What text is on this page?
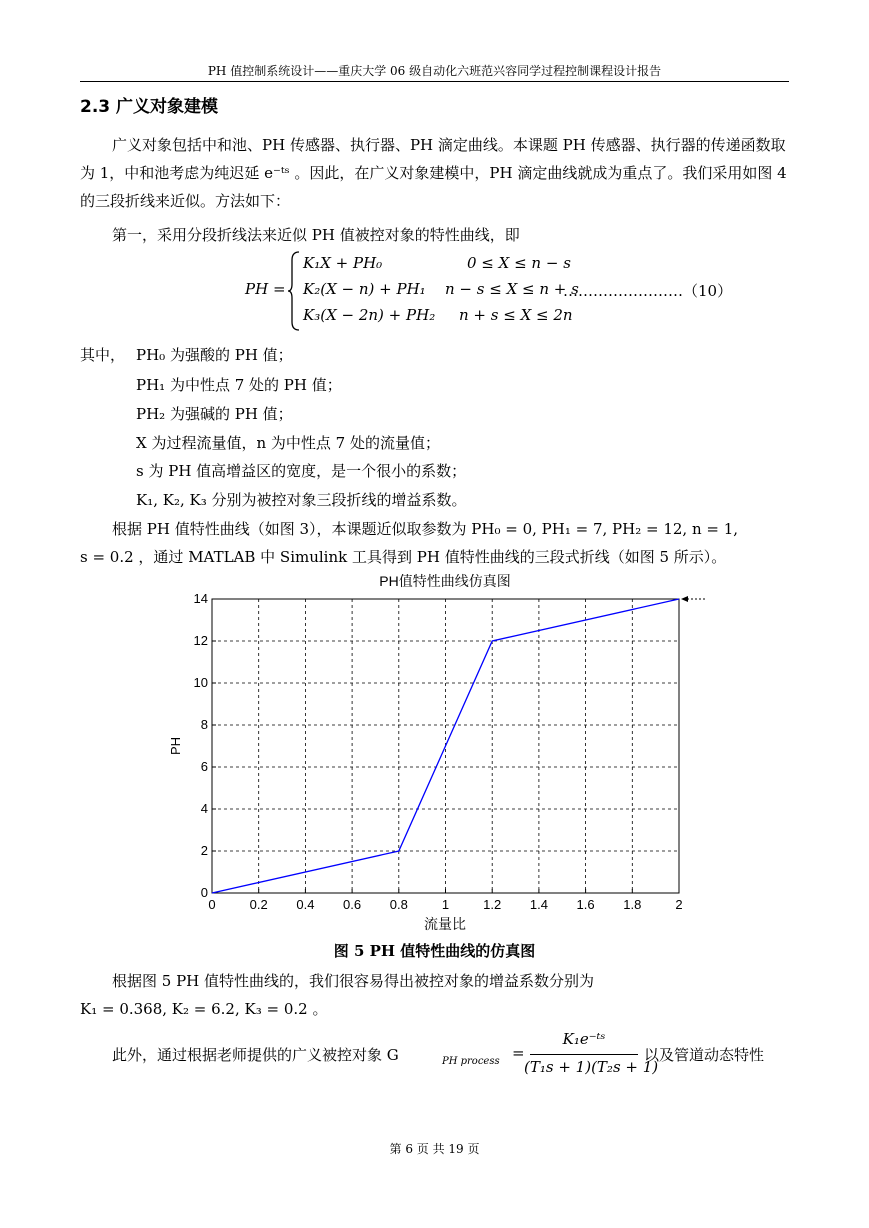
PH 值控制系统设计——重庆大学 06 级自动化六班范兴容同学过程控制课程设计报告
2.3 广义对象建模
广义对象包括中和池、PH 传感器、执行器、PH 滴定曲线。本课题 PH 传感器、执行器的传递函数取为 1，中和池考虑为纯迟延 e⁻ᵗˢ 。因此，在广义对象建模中，PH 滴定曲线就成为重点了。我们采用如图 4 的三段折线来近似。方法如下：
第一，采用分段折线法来近似 PH 值被控对象的特性曲线，即
PH =
K₁X + PH₀	0 ≤ X ≤ n − s
K₂(X − n) + PH₁ n − s ≤ X ≤ n + s
K₃(X − 2n) + PH₂ n + s ≤ X ≤ 2n
……………………（10）
其中， PH₀ 为强酸的 PH 值；
PH₁ 为中性点 7 处的 PH 值；
PH₂ 为强碱的 PH 值；
X 为过程流量值，n 为中性点 7 处的流量值；
s 为 PH 值高增益区的宽度，是一个很小的系数；
K₁, K₂, K₃ 分别为被控对象三段折线的增益系数。
根据 PH 值特性曲线（如图 3），本课题近似取参数为 PH₀ = 0, PH₁ = 7, PH₂ = 12, n = 1,
s = 0.2 ，通过 MATLAB 中 Simulink 工具得到 PH 值特性曲线的三段式折线（如图 5 所示）。
PH值特性曲线仿真图
流量比
PH
0	0.2 0.4 0.6 0.8	1	1.2 1.4 1.6 1.8	2
0
2
4
6
8
10
12
14
图 5 PH 值特性曲线的仿真图
根据图 5 PH 值特性曲线的，我们很容易得出被控对象的增益系数分别为
K₁ = 0.368, K₂ = 6.2, K₃ = 0.2 。
此外，通过根据老师提供的广义被控对象 G	PH process =
K₁e⁻ᵗˢ
(T₁s + 1)(T₂s + 1)
以及管道动态特性
第 6 页 共 19 页
